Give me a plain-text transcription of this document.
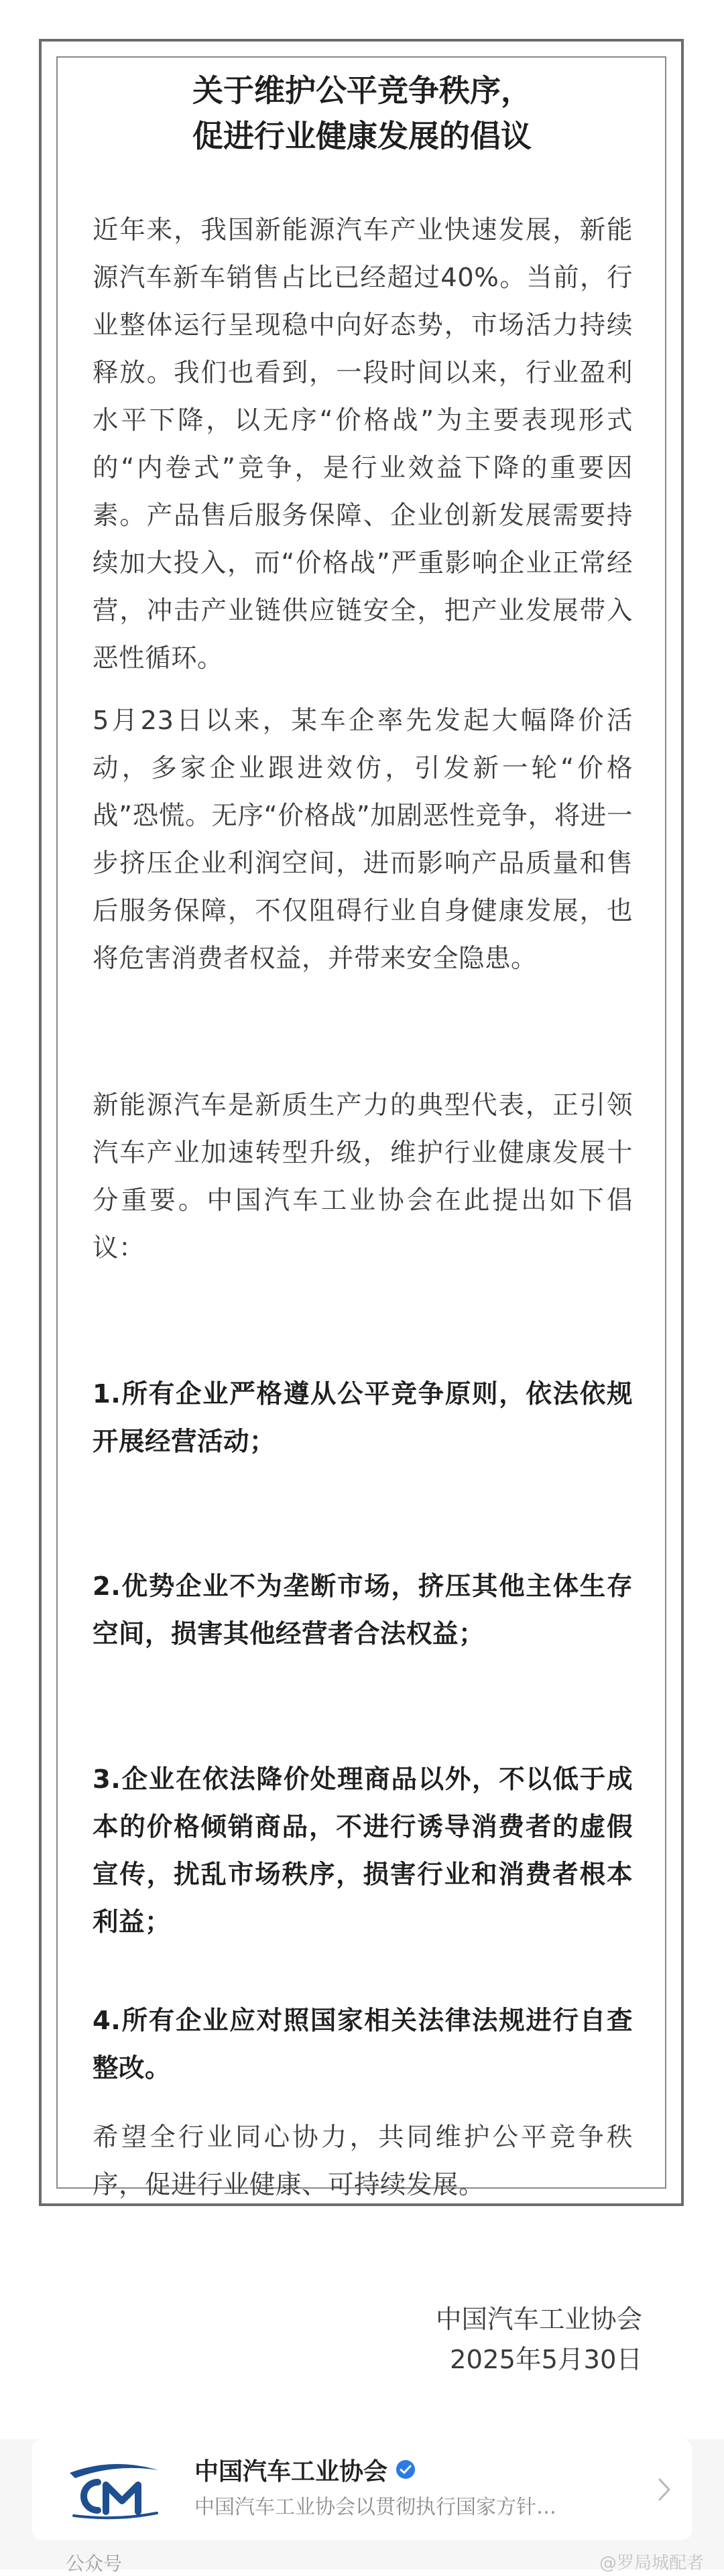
关于维护公平竞争秩序，
促进行业健康发展的倡议
近年来，我国新能源汽车产业快速发展，新能源汽车新车销售占比已经超过40%。当前，行业整体运行呈现稳中向好态势，市场活力持续释放。我们也看到，一段时间以来，行业盈利水平下降，以无序“价格战”为主要表现形式的“内卷式”竞争，是行业效益下降的重要因素。产品售后服务保障、企业创新发展需要持续加大投入，而“价格战”严重影响企业正常经营，冲击产业链供应链安全，把产业发展带入恶性循环。
5月23日以来，某车企率先发起大幅降价活动，多家企业跟进效仿，引发新一轮“价格战”恐慌。无序“价格战”加剧恶性竞争，将进一步挤压企业利润空间，进而影响产品质量和售后服务保障，不仅阻碍行业自身健康发展，也将危害消费者权益，并带来安全隐患。
新能源汽车是新质生产力的典型代表，正引领汽车产业加速转型升级，维护行业健康发展十分重要。中国汽车工业协会在此提出如下倡议：
1.所有企业严格遵从公平竞争原则，依法依规开展经营活动；
2.优势企业不为垄断市场，挤压其他主体生存空间，损害其他经营者合法权益；
3.企业在依法降价处理商品以外，不以低于成本的价格倾销商品，不进行诱导消费者的虚假宣传，扰乱市场秩序，损害行业和消费者根本利益；
4.所有企业应对照国家相关法律法规进行自查整改。
希望全行业同心协力，共同维护公平竞争秩序，促进行业健康、可持续发展。
中国汽车工业协会
2025年5月30日
中国汽车工业协会
中国汽车工业协会以贯彻执行国家方针…
公众号	@罗局城配者
